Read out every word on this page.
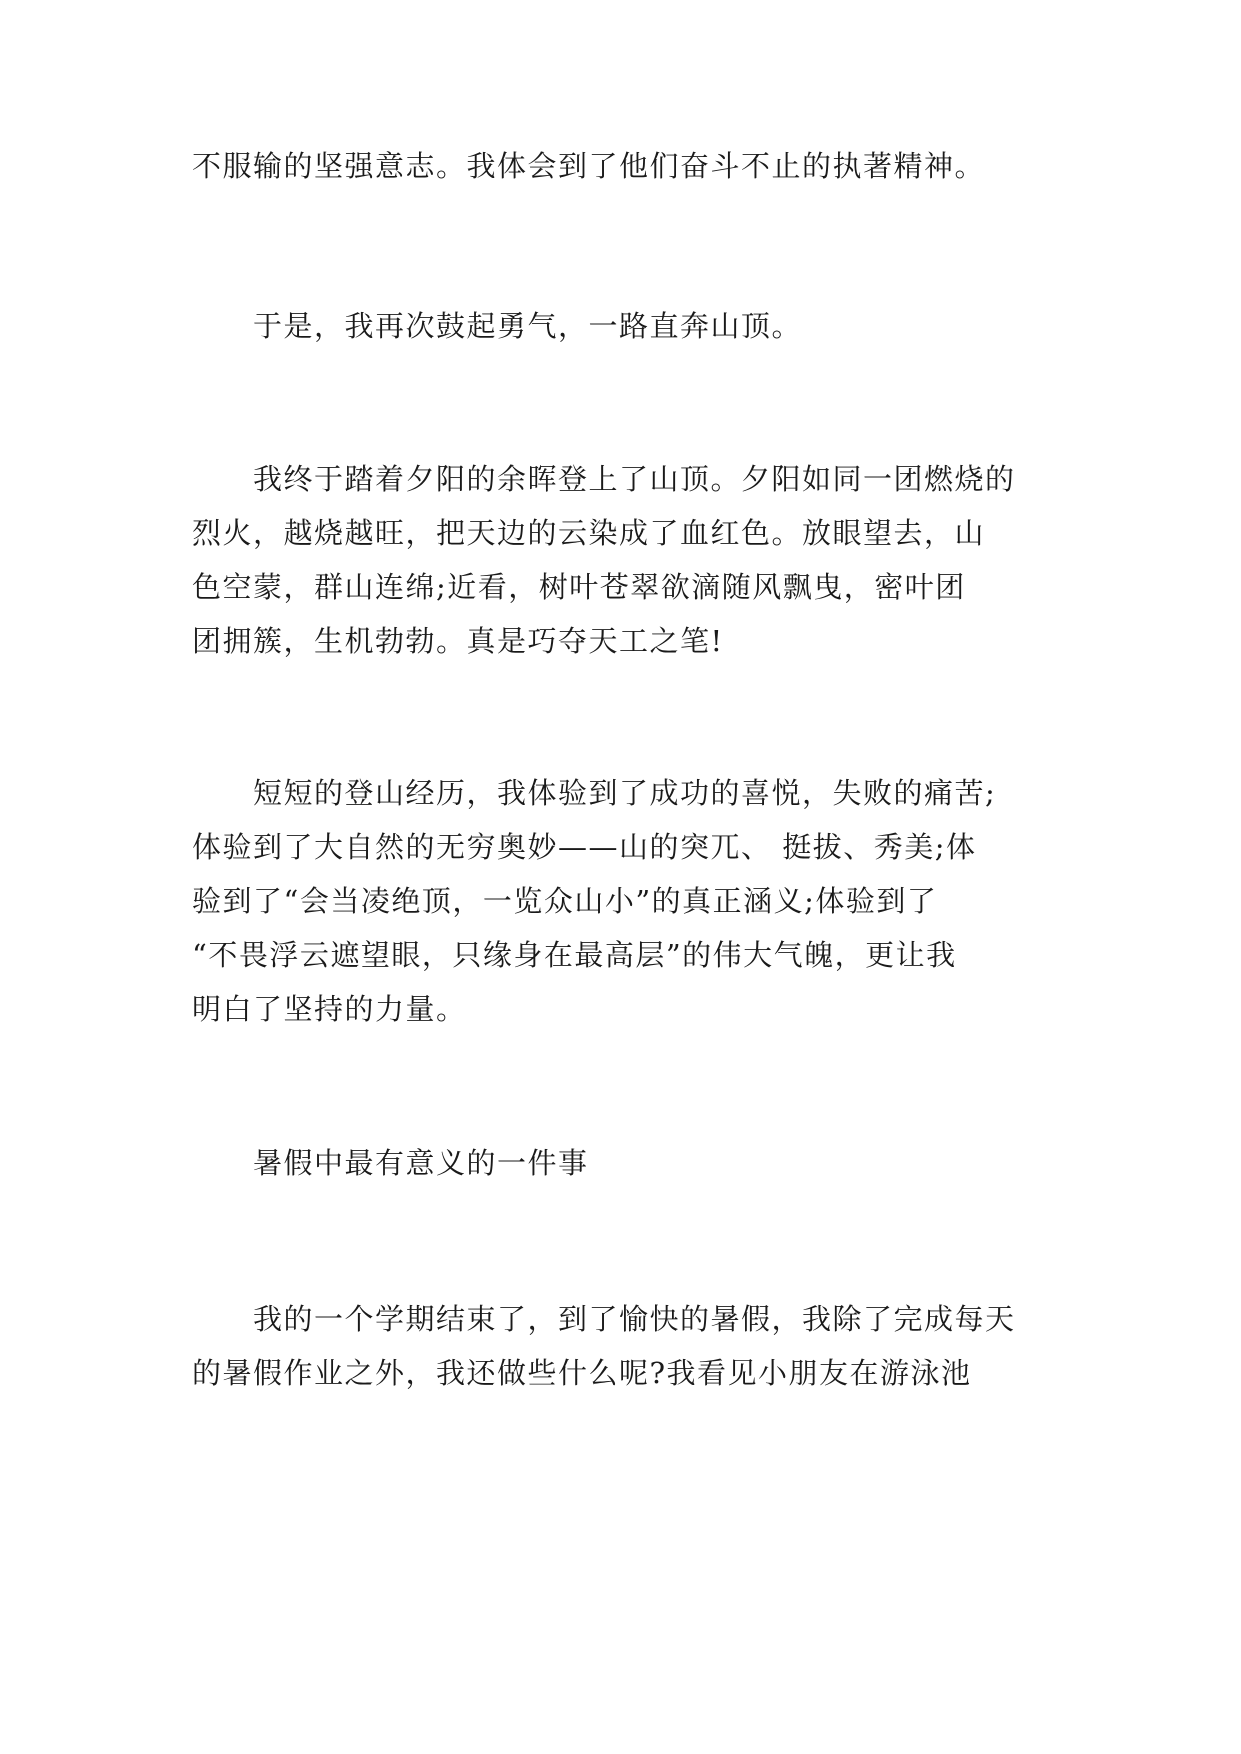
不服输的坚强意志。我体会到了他们奋斗不止的执著精神。
　　于是，我再次鼓起勇气，一路直奔山顶。
　　我终于踏着夕阳的余晖登上了山顶。夕阳如同一团燃烧的
烈火，越烧越旺，把天边的云染成了血红色。放眼望去，山
色空蒙，群山连绵;近看，树叶苍翠欲滴随风飘曳，密叶团
团拥簇，生机勃勃。真是巧夺天工之笔!
　　短短的登山经历，我体验到了成功的喜悦，失败的痛苦;
体验到了大自然的无穷奥妙——山的突兀、 挺拔、秀美;体
验到了“会当凌绝顶，一览众山小”的真正涵义;体验到了
“不畏浮云遮望眼，只缘身在最高层”的伟大气魄，更让我
明白了坚持的力量。
　　暑假中最有意义的一件事
　　我的一个学期结束了，到了愉快的暑假，我除了完成每天
的暑假作业之外，我还做些什么呢?我看见小朋友在游泳池
